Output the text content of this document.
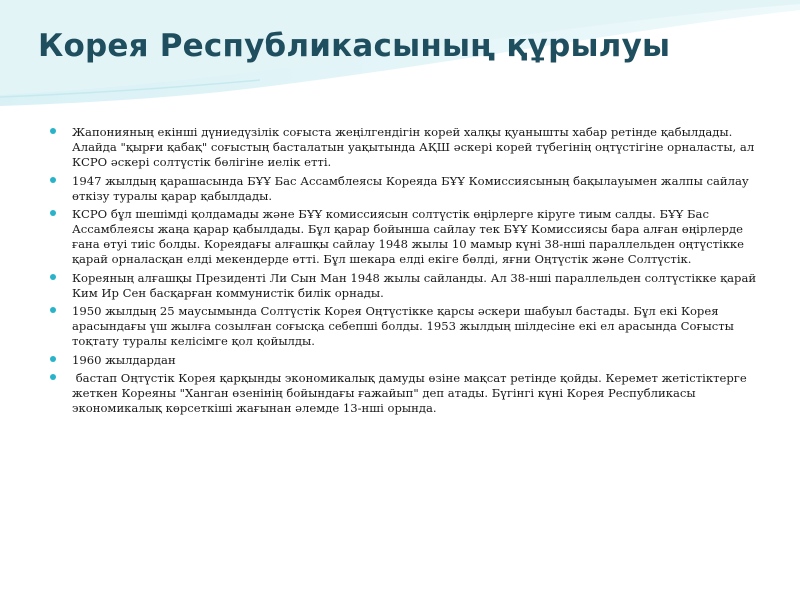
Корея Республикасының құрылуы
Жапонияның екінші дүниедүзілік соғыста жеңілгендігін корей халқы қуанышты хабар ретінде қабылдады. Алайда "қырғи қабақ" соғыстың басталатын уақытында АҚШ әскері корей түбегінің оңтүстігіне орналасты, ал КСРО әскері солтүстік бөлігіне иелік етті.
1947 жылдың қарашасында БҰҰ Бас Ассамблеясы Кореяда БҰҰ Комиссиясының бақылауымен жалпы сайлау өткізу туралы қарар қабылдады.
КСРО бұл шешімді қолдамады және БҰҰ комиссиясын солтүстік өңірлерге кіруге тиым салды. БҰҰ Бас Ассамблеясы жаңа қарар қабылдады. Бұл қарар бойынша сайлау тек БҰҰ Комиссиясы бара алған өңірлерде ғана өтуі тиіс болды. Кореядағы алғашқы сайлау 1948 жылы 10 мамыр күні 38-нші параллельден оңтүстікке қарай орналасқан елді мекендерде өтті. Бұл шекара елді екіге бөлді, яғни Оңтүстік және Солтүстік.
Кореяның алғашқы Президенті Ли Сын Ман 1948 жылы сайланды. Ал 38-нші параллельден солтүстікке қарай Ким Ир Сен басқарған коммунистік билік орнады.
1950 жылдың 25 маусымында Солтүстік Корея Оңтүстікке қарсы әскери шабуыл бастады. Бұл екі Корея арасындағы үш жылға созылған соғысқа себепші болды. 1953 жылдың шілдесіне екі ел арасында Соғысты тоқтату туралы келісімге қол қойылды.
1960 жылдардан
бастап Оңтүстік Корея қарқынды экономикалық дамуды өзіне мақсат ретінде қойды. Керемет жетістіктерге жеткен Кореяны "Ханган өзенінің бойындағы ғажайып" деп атады. Бүгінгі күні Корея Республикасы экономикалық көрсеткіші жағынан әлемде 13-нші орында.
